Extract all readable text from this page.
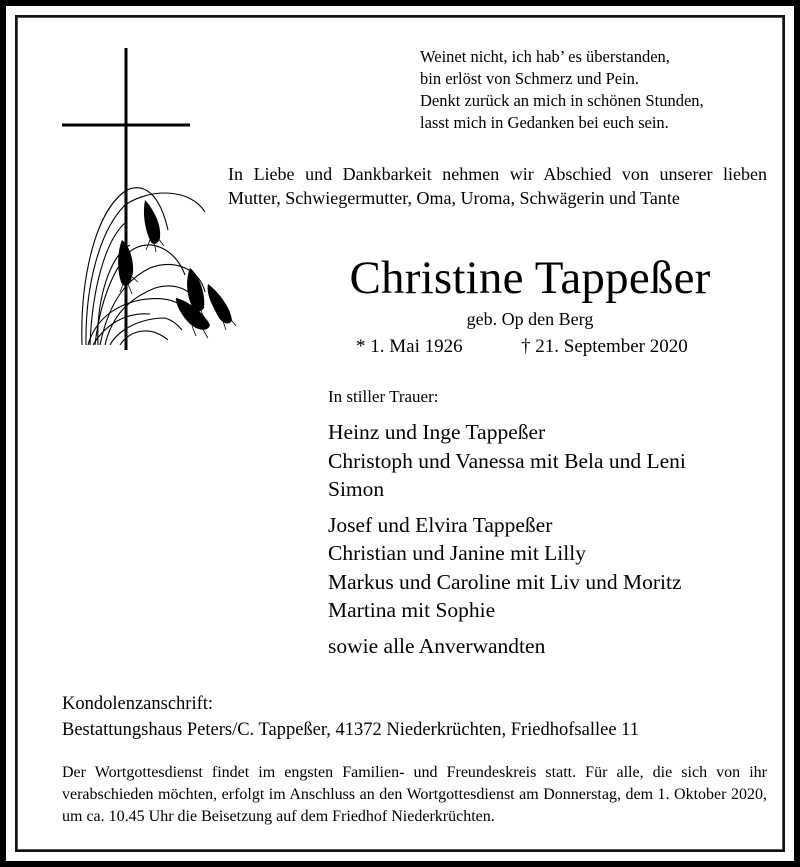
Weinet nicht, ich hab’ es überstanden,
bin erlöst von Schmerz und Pein.
Denkt zurück an mich in schönen Stunden,
lasst mich in Gedanken bei euch sein.
In Liebe und Dankbarkeit nehmen wir Abschied von unserer lieben Mutter, Schwiegermutter, Oma, Uroma, Schwägerin und Tante
Christine Tappeßer
geb. Op den Berg
* 1. Mai 1926	† 21. September 2020
In stiller Trauer:
Heinz und Inge Tappeßer
Christoph und Vanessa mit Bela und Leni
Simon
Josef und Elvira Tappeßer
Christian und Janine mit Lilly
Markus und Caroline mit Liv und Moritz
Martina mit Sophie
sowie alle Anverwandten
Kondolenzanschrift:
Bestattungshaus Peters/C. Tappeßer, 41372 Niederkrüchten, Friedhofsallee 11
Der Wortgottesdienst findet im engsten Familien- und Freundeskreis statt. Für alle, die sich von ihr verabschieden möchten, erfolgt im Anschluss an den Wortgottesdienst am Donnerstag, dem 1. Oktober 2020, um ca. 10.45 Uhr die Beisetzung auf dem Friedhof Niederkrüchten.
